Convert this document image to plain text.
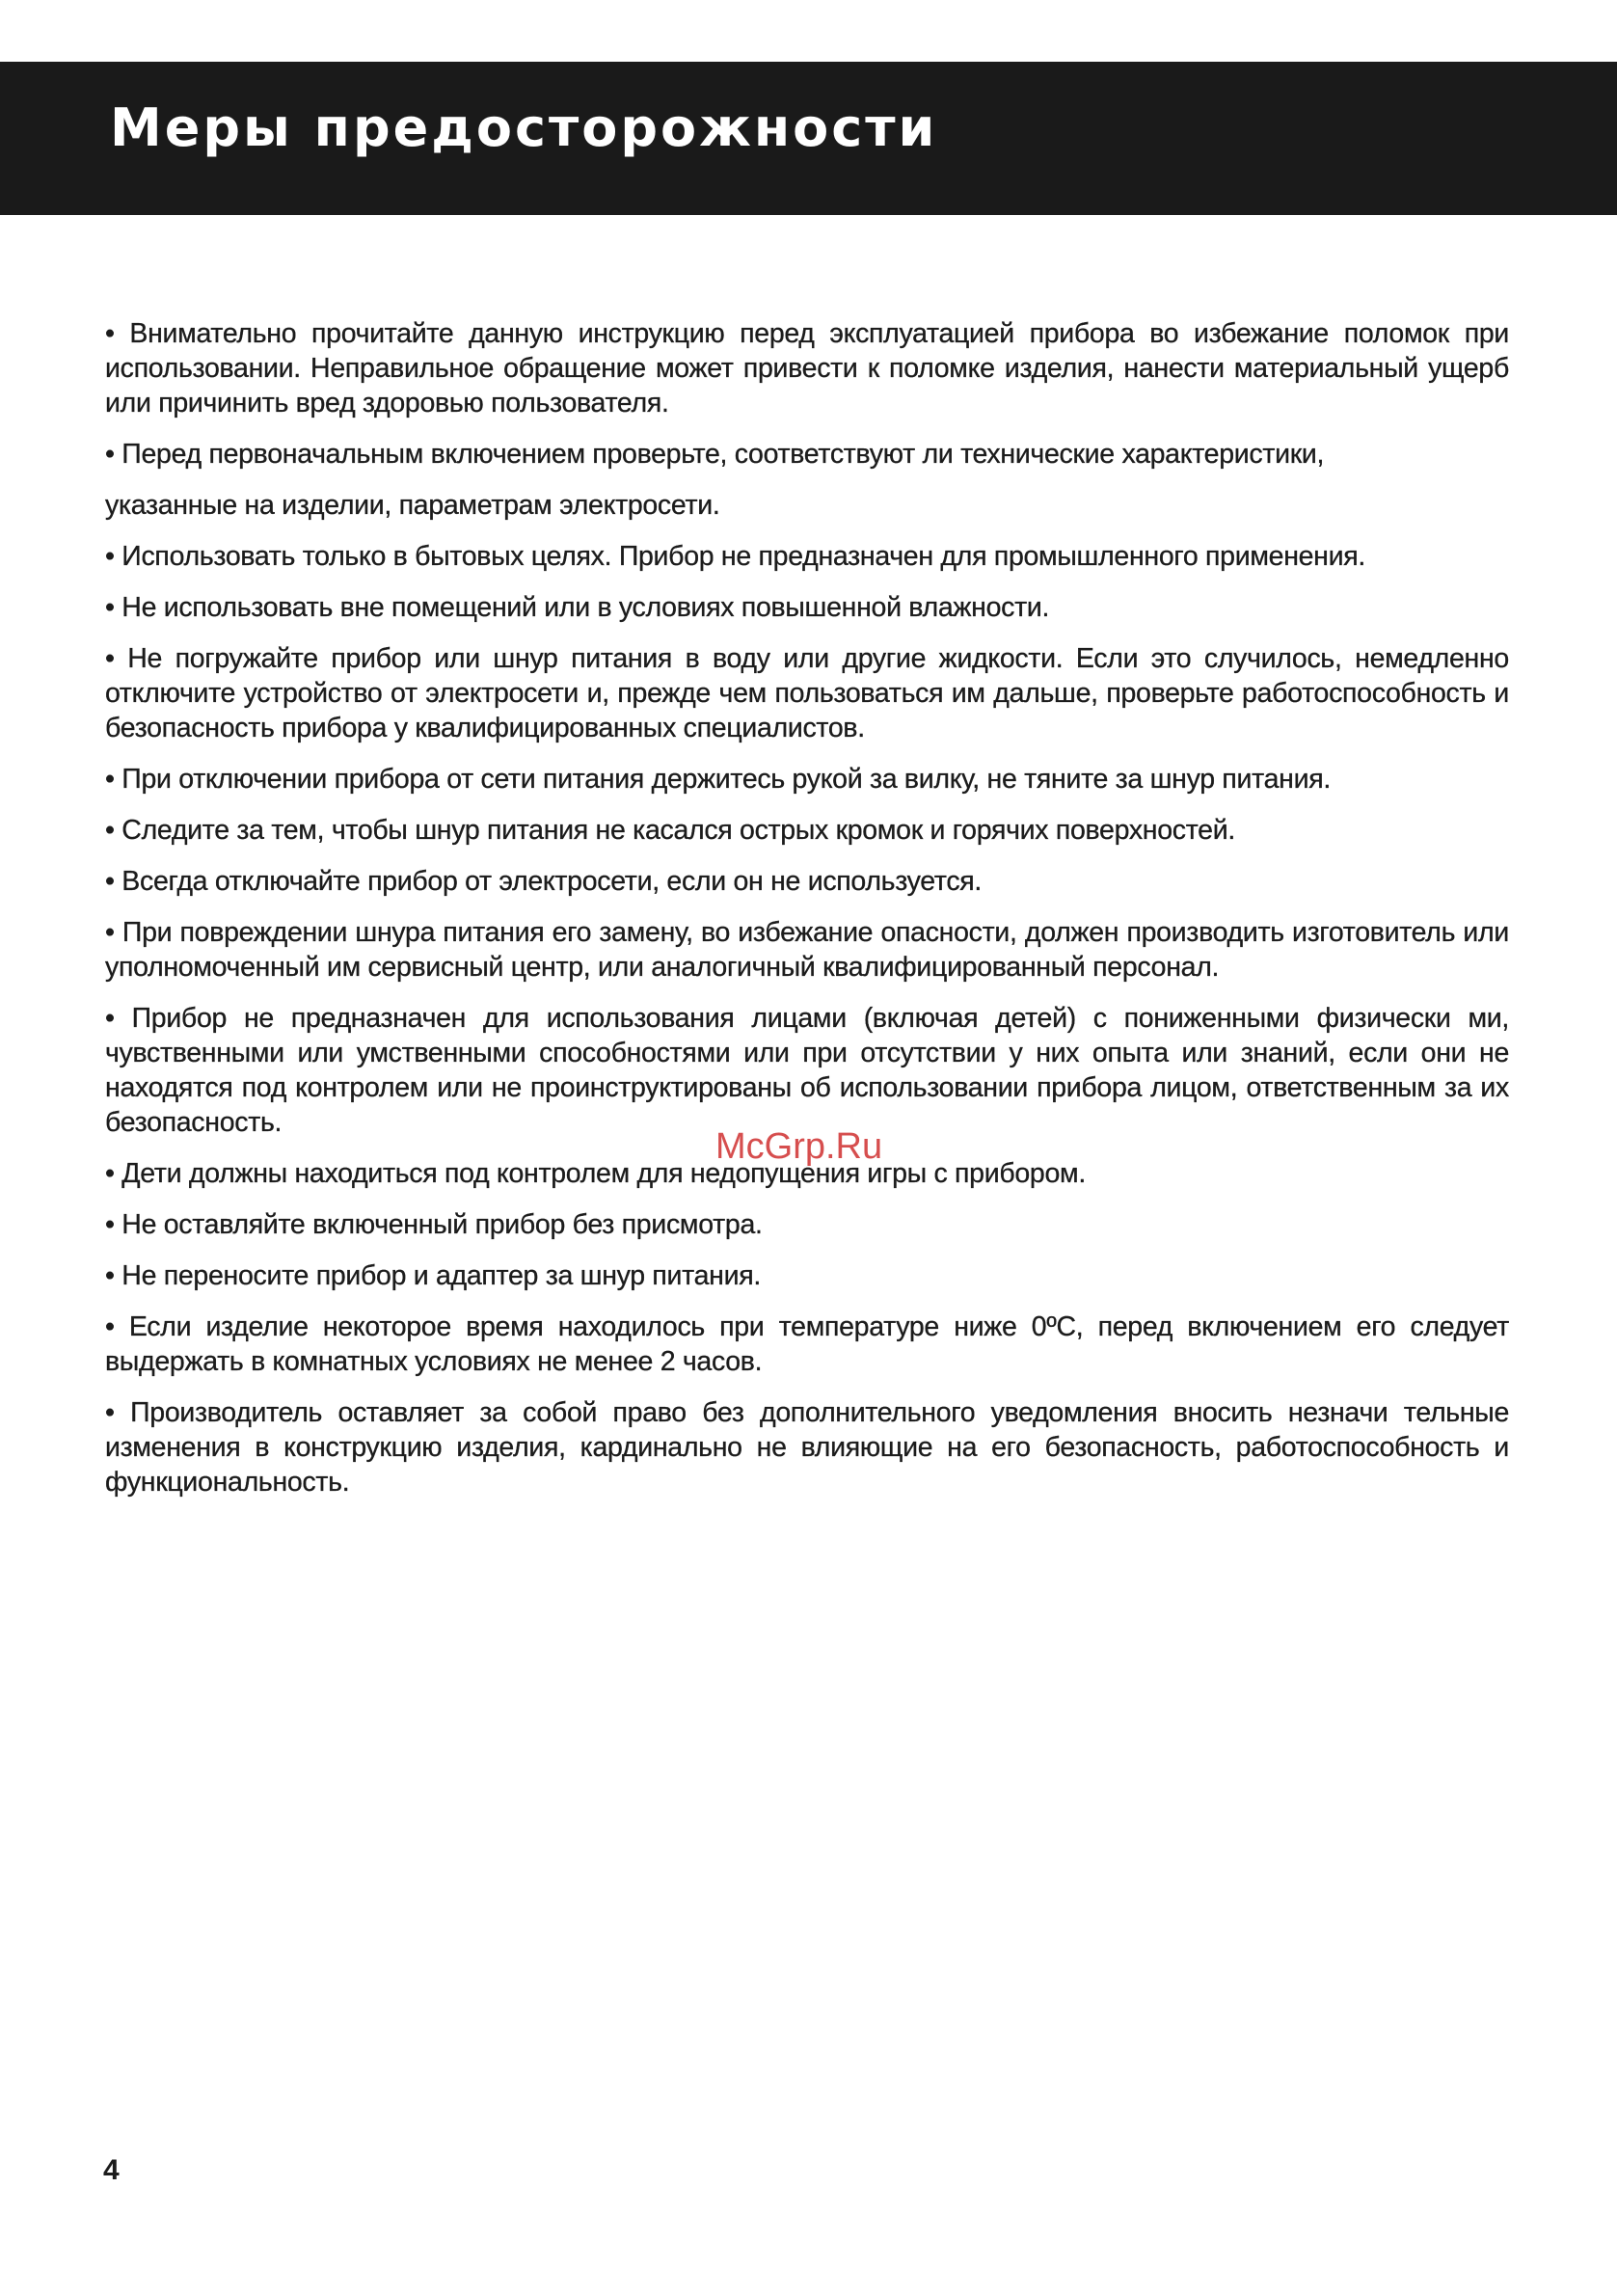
Меры предосторожности

• Внимательно прочитайте данную инструкцию перед эксплуатацией прибора во избежание поломок при использовании. Неправильное обращение может привести к поломке изделия, нанести материальный ущерб или причинить вред здоровью пользователя.

• Перед первоначальным включением проверьте, соответствуют ли технические характеристики,

указанные на изделии, параметрам электросети.

• Использовать только в бытовых целях. Прибор не предназначен для промышленного применения.

• Не использовать вне помещений или в условиях повышенной влажности.

• Не погружайте прибор или шнур питания в воду или другие жидкости. Если это случилось, немедленно отключите устройство от электросети и, прежде чем пользоваться им дальше, проверьте работоспособность и безопасность прибора у квалифицированных специалистов.

• При отключении прибора от сети питания держитесь рукой за вилку, не тяните за шнур питания.

• Следите за тем, чтобы шнур питания не касался острых кромок и горячих поверхностей.

• Всегда отключайте прибор от электросети, если он не используется.

• При повреждении шнура питания его замену, во избежание опасности, должен производить изготовитель или уполномоченный им сервисный центр, или аналогичный квалифицированный персонал.

• Прибор не предназначен для использования лицами (включая детей) с пониженными физически ми, чувственными или умственными способностями или при отсутствии у них опыта или знаний, если они не находятся под контролем или не проинструктированы об использовании прибора лицом, ответственным за их безопасность.

• Дети должны находиться под контролем для недопущения игры с прибором.

• Не оставляйте включенный прибор без присмотра.

• Не переносите прибор и адаптер за шнур питания.

• Если изделие некоторое время находилось при температуре ниже 0ºC, перед включением его следует выдержать в комнатных условиях не менее 2 часов.

• Производитель оставляет за собой право без дополнительного уведомления вносить незначи тельные изменения в конструкцию изделия, кардинально не влияющие на его безопасность, работоспособность и функциональность.

McGrp.Ru
4
